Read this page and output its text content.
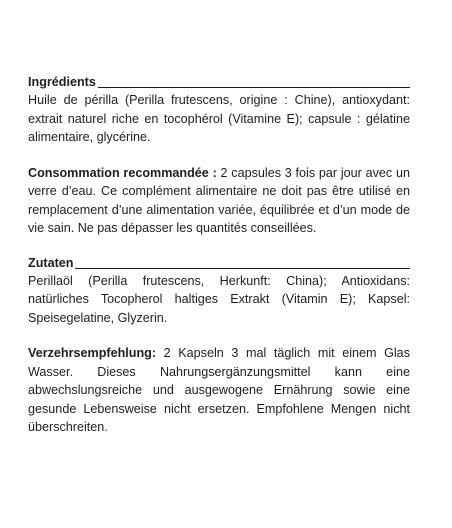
Ingrédients

Huile de périlla (Perilla frutescens, origine : Chine), antioxydant: extrait naturel riche en tocophérol (Vitamine E); capsule : gélatine alimentaire, glycérine.

Consommation recommandée : 2 capsules 3 fois par jour avec un verre d’eau. Ce complément alimentaire ne doit pas être utilisé en remplacement d’une alimentation variée, équilibrée et d’un mode de vie sain. Ne pas dépasser les quantités conseillées.

Zutaten

Perillaöl (Perilla frutescens, Herkunft: China); Antioxidans: natürliches Tocopherol haltiges Extrakt (Vitamin E); Kapsel: Speisegelatine, Glyzerin.

Verzehrsempfehlung: 2 Kapseln 3 mal täglich mit einem Glas Wasser. Dieses Nahrungsergänzungsmittel kann eine abwechslungsreiche und ausgewogene Ernährung sowie eine gesunde Lebensweise nicht ersetzen. Empfohlene Mengen nicht überschreiten.
